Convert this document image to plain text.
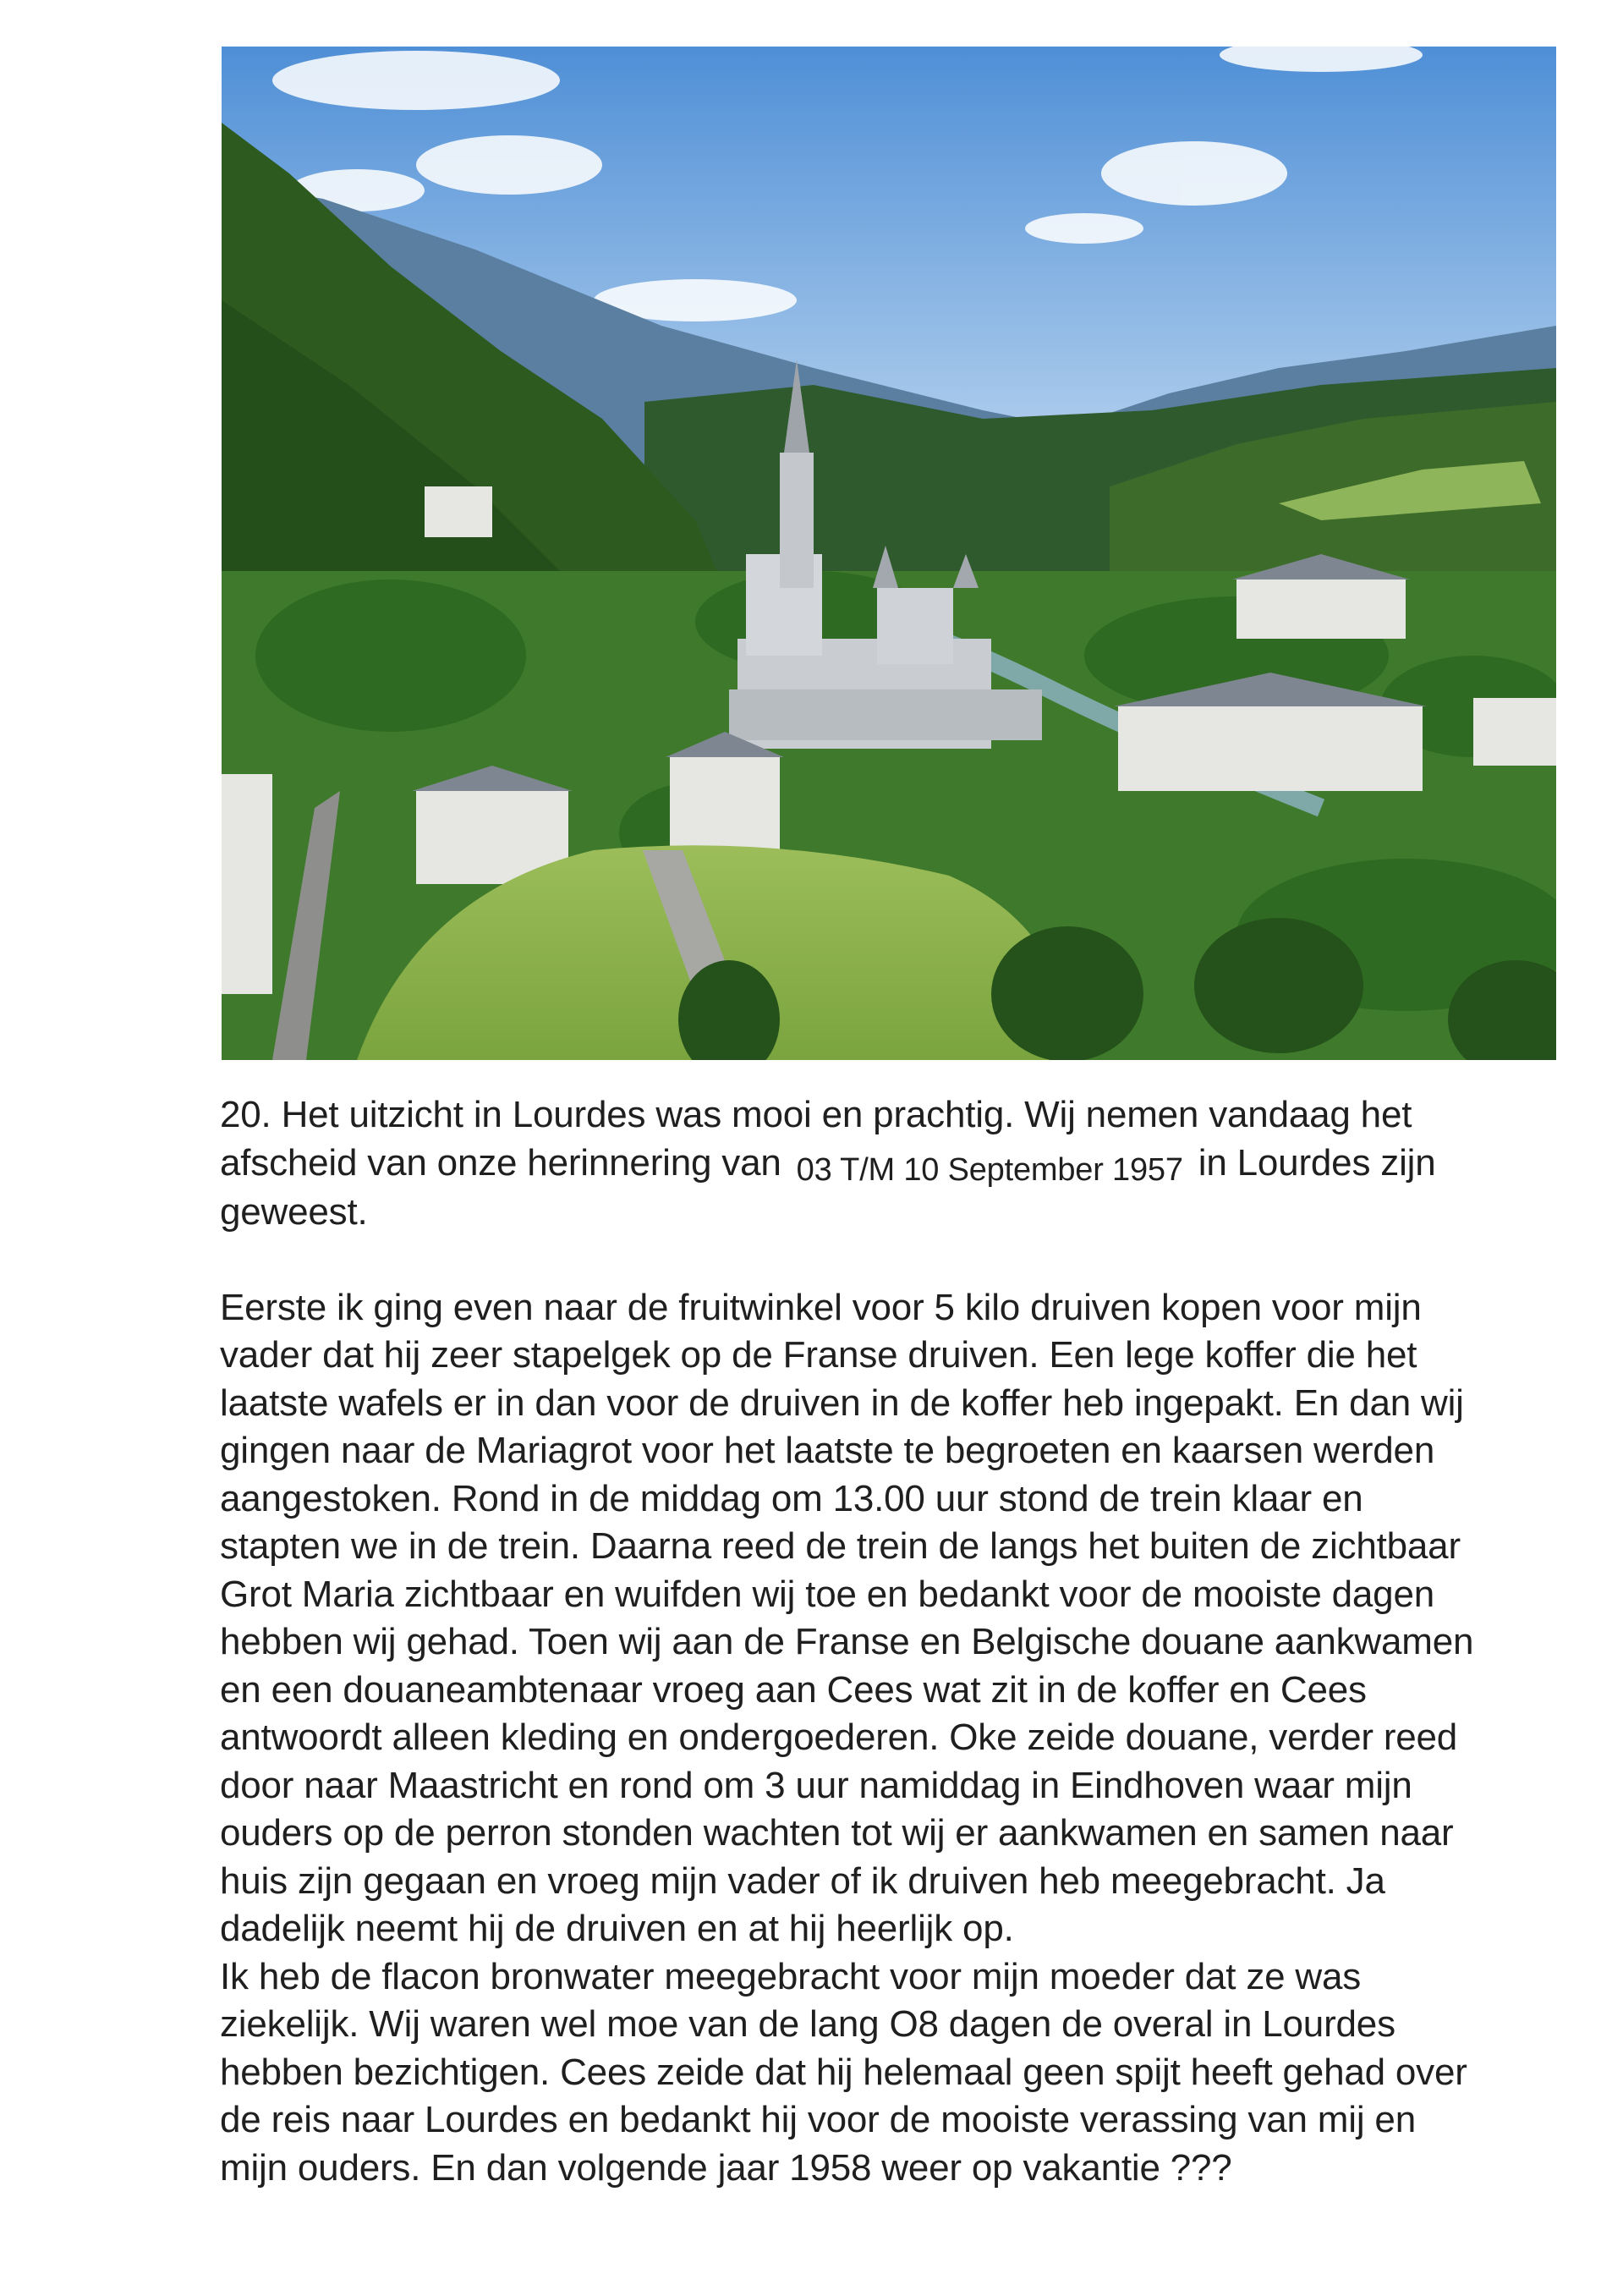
20. Het uitzicht in Lourdes was mooi en prachtig. Wij nemen vandaag het
afscheid van onze herinnering van 03 T/M 10 September 1957 in Lourdes zijn
geweest.

Eerste ik ging even naar de fruitwinkel voor 5 kilo druiven kopen voor mijn
vader dat hij zeer stapelgek op de Franse druiven. Een lege koffer die het
laatste wafels er in dan voor de druiven in de koffer heb ingepakt. En dan wij
gingen naar de Mariagrot voor het laatste te begroeten en kaarsen werden
aangestoken. Rond in de middag om 13.00 uur stond de trein klaar en
stapten we in de trein. Daarna reed de trein de langs het buiten de zichtbaar
Grot Maria zichtbaar en wuifden wij toe en bedankt voor de mooiste dagen
hebben wij gehad. Toen wij aan de Franse en Belgische douane aankwamen
en een douaneambtenaar vroeg aan Cees wat zit in de koffer en Cees
antwoordt alleen kleding en ondergoederen. Oke zeide douane, verder reed
door naar Maastricht en rond om 3 uur namiddag in Eindhoven waar mijn
ouders op de perron stonden wachten tot wij er aankwamen en samen naar
huis zijn gegaan en vroeg mijn vader of ik druiven heb meegebracht. Ja
dadelijk neemt hij de druiven en at hij heerlijk op.

Ik heb de flacon bronwater meegebracht voor mijn moeder dat ze was
ziekelijk. Wij waren wel moe van de lang O8 dagen de overal in Lourdes
hebben bezichtigen. Cees zeide dat hij helemaal geen spijt heeft gehad over
de reis naar Lourdes en bedankt hij voor de mooiste verassing van mij en
mijn ouders. En dan volgende jaar 1958 weer op vakantie ???
